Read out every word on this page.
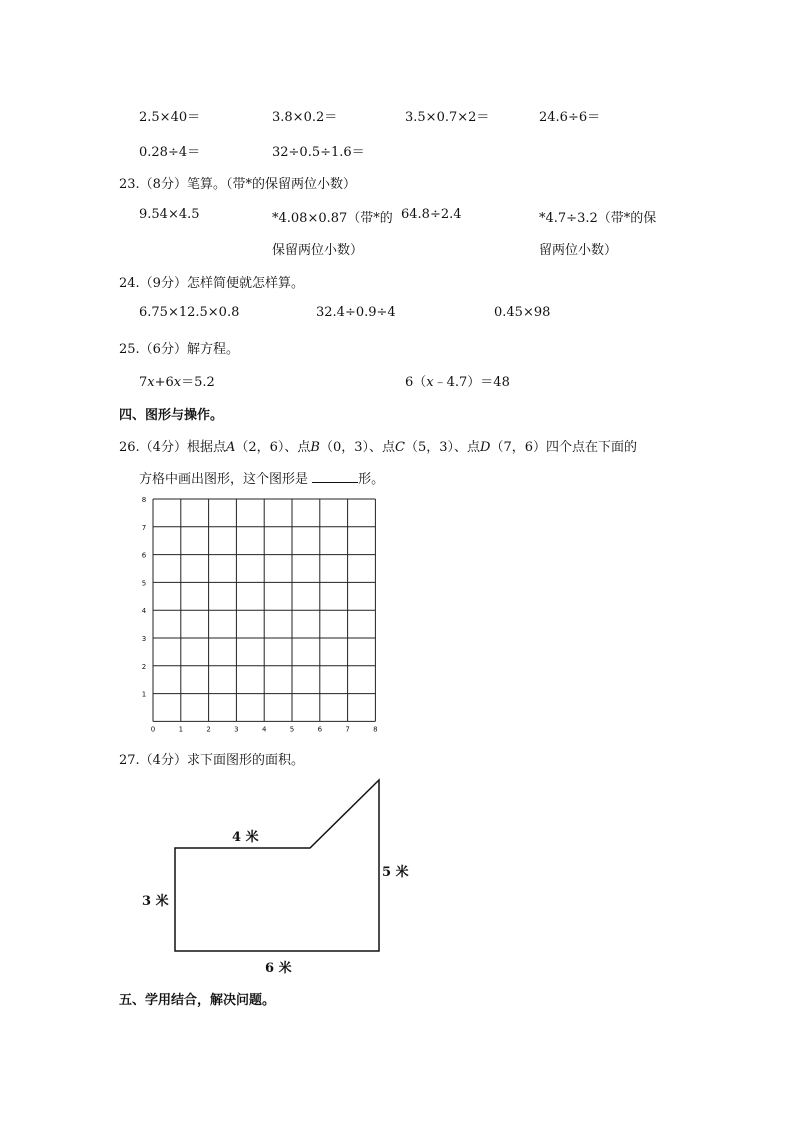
2.5×40＝	3.8×0.2＝	3.5×0.7×2＝	24.6÷6＝
0.28÷4＝	32÷0.5÷1.6＝
23.（8分）笔算。（带*的保留两位小数）
9.54×4.5	*4.08×0.87（带*的 64.8÷2.4	*4.7÷3.2（带*的保
保留两位小数）	留两位小数）
24.（9分）怎样简便就怎样算。
6.75×12.5×0.8	32.4÷0.9÷4	0.45×98
25.（6分）解方程。
7x+6x＝5.2	6（x﹣4.7）＝48
四、图形与操作。
26.（4分）根据点A（2，6）、点B（0，3）、点C（5，3）、点D（7，6）四个点在下面的
方格中画出图形，这个图形是	形。
0	1	2	3	4	5	6	7	8
1
2
3
4
5
6
7
8
27.（4分）求下面图形的面积。
4 米
3 米
5 米
6 米
五、学用结合，解决问题。
